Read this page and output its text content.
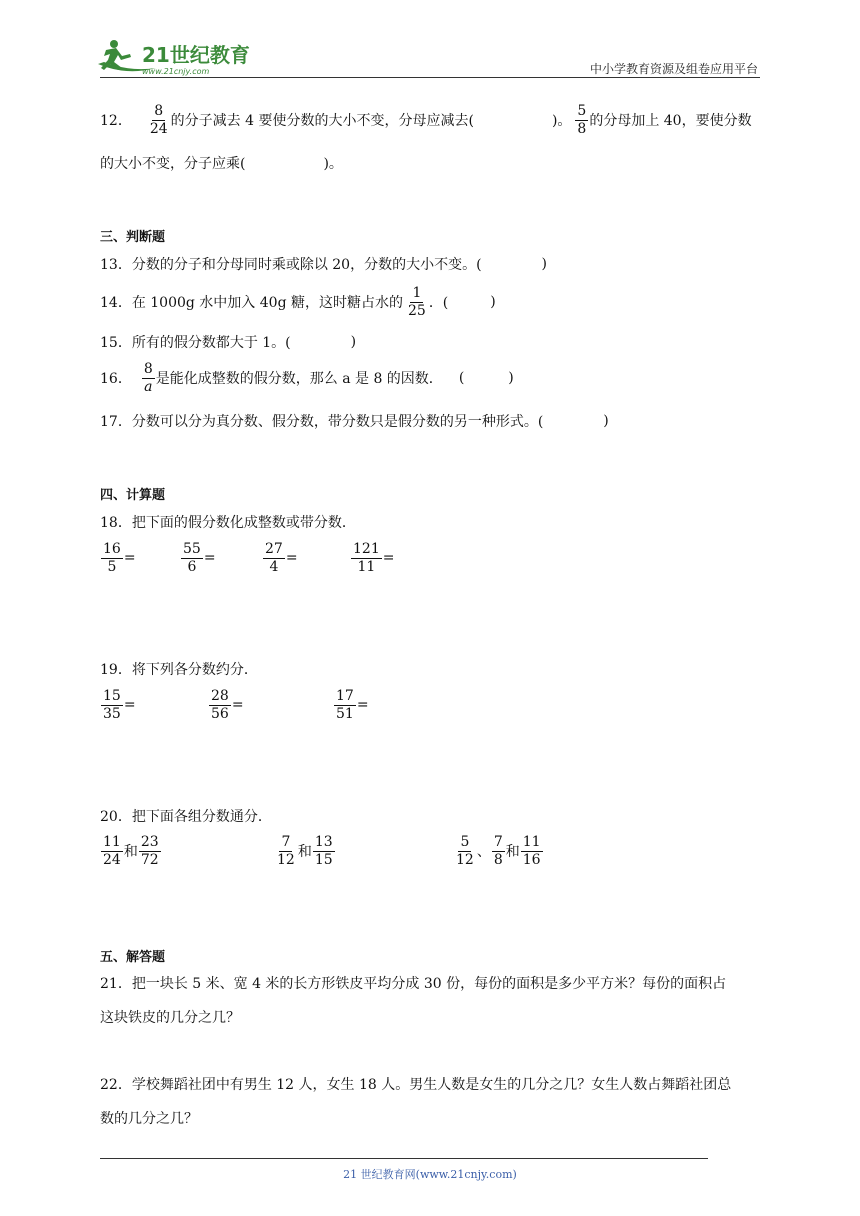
21世纪教育
www.21cnjy.com	中小学教育资源及组卷应用平台
12． $\frac{8}{24}$ 的分子减去 4 要使分数的大小不变，分母应减去(	)。 $\frac{5}{8}$ 的分母加上 40，要使分数
的大小不变，分子应乘(	)。
三、判断题
13．分数的分子和分母同时乘或除以 20，分数的大小不变。(	)
14．在 1000g 水中加入 40g 糖，这时糖占水的 $\frac{1}{25}$ ．(	)
15．所有的假分数都大于 1。(	)
16． $\frac{8}{a}$ 是能化成整数的假分数，那么 a 是 8 的因数． (	)
17．分数可以分为真分数、假分数，带分数只是假分数的另一种形式。(	)
四、计算题
18．把下面的假分数化成整数或带分数．
$\frac{16}{5}$ =	$\frac{55}{6}$ =	$\frac{27}{4}$ =	$\frac{121}{11}$ =
19．将下列各分数约分．
$\frac{15}{35}$ =	$\frac{28}{56}$ =	$\frac{17}{51}$ =
20．把下面各组分数通分．
$\frac{11}{24}$ 和 $\frac{23}{72}$	$\frac{7}{12}$ 和 $\frac{13}{15}$	$\frac{5}{12}$ 、 $\frac{7}{8}$ 和 $\frac{11}{16}$
五、解答题
21．把一块长 5 米、宽 4 米的长方形铁皮平均分成 30 份，每份的面积是多少平方米？每份的面积占
这块铁皮的几分之几？
22．学校舞蹈社团中有男生 12 人，女生 18 人。男生人数是女生的几分之几？女生人数占舞蹈社团总
数的几分之几？
21 世纪教育网(www.21cnjy.com)
